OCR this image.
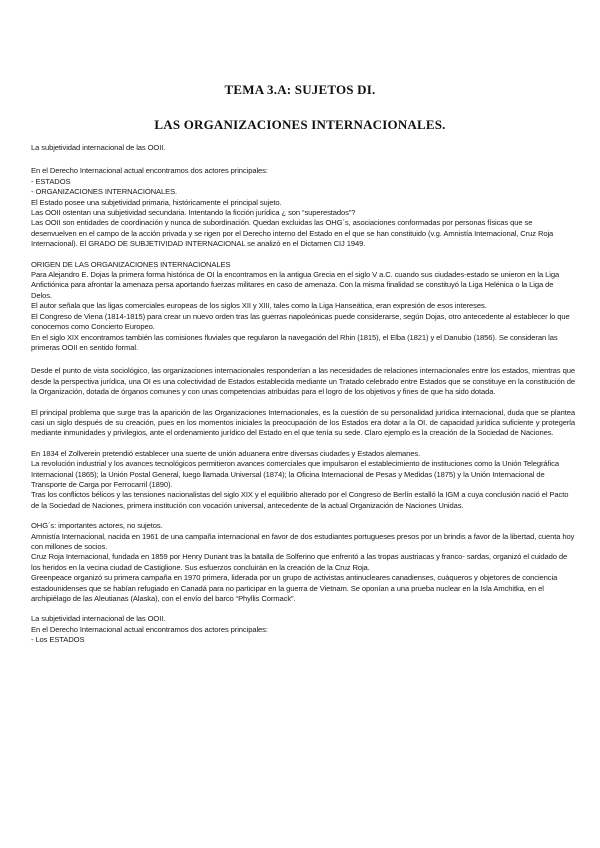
TEMA 3.A: SUJETOS DI.
LAS ORGANIZACIONES INTERNACIONALES.

La subjetividad internacional de las OOII.

En el Derecho Internacional actual encontramos dos actores principales:

- ESTADOS

- ORGANIZACIONES INTERNACIONALES.

El Estado posee una subjetividad primaria, históricamente el principal sujeto.

Las OOII ostentan una subjetividad secundaria. Intentando la ficción jurídica ¿ son “superestados”?

Las OOII son entidades de coordinación y nunca de subordinación. Quedan excluidas las OHG´s, asociaciones conformadas por personas físicas que se desenvuelven en el campo de la acción privada y se rigen por el Derecho interno del Estado en el que se han constituido (v.g. Amnistía Internacional, Cruz Roja Internacional). El GRADO DE SUBJETIVIDAD INTERNACIONAL se analizó en el Dictamen CIJ 1949.

ORIGEN DE LAS ORGANIZACIONES INTERNACIONALES

Para Alejandro E. Dojas la primera forma histórica de OI la encontramos en la antigua Grecia en el siglo V a.C. cuando sus ciudades-estado se unieron en la Liga Anfictiónica para afrontar la amenaza persa aportando fuerzas militares en caso de amenaza. Con la misma finalidad se constituyó la Liga Helénica o la Liga de Delos.

El autor señala que las ligas comerciales europeas de los siglos XII y XIII, tales como la Liga Hanseática, eran expresión de esos intereses.

El Congreso de Viena (1814-1815) para crear un nuevo orden tras las guerras napoleónicas puede considerarse, según Dojas, otro antecedente al establecer lo que conocemos como Concierto Europeo.

En el siglo XIX encontramos también las comisiones fluviales que regularon la navegación del Rhin (1815), el Elba (1821) y el Danubio (1856). Se consideran las primeras OOII en sentido formal.

Desde el punto de vista sociológico, las organizaciones internacionales responderían a las necesidades de relaciones internacionales entre los estados, mientras que desde la perspectiva jurídica, una OI es una colectividad de Estados establecida mediante un Tratado celebrado entre Estados que se constituye en la constitución de la Organización, dotada de órganos comunes y con unas competencias atribuidas para el logro de los objetivos y fines de que ha sido dotada.

El principal problema que surge tras la aparición de las Organizaciones Internacionales, es la cuestión de su personalidad jurídica internacional, duda que se plantea casi un siglo después de su creación, pues en los momentos iniciales la preocupación de los Estados era dotar a la OI. de capacidad jurídica suficiente y protegerla mediante inmunidades y privilegios, ante el ordenamiento jurídico del Estado en el que tenía su sede. Claro ejemplo es la creación de la Sociedad de Naciones.

En 1834 el Zollverein pretendió establecer una suerte de unión aduanera entre diversas ciudades y Estados alemanes.

La revolución industrial y los avances tecnológicos permitieron avances comerciales que impulsaron el establecimiento de instituciones como la Unión Telegráfica Internacional (1865); la Unión Postal General, luego llamada Universal (1874); la Oficina Internacional de Pesas y Medidas (1875) y la Unión Internacional de Transporte de Carga por Ferrocarril (1890).

Tras los conflictos bélicos y las tensiones nacionalistas del siglo XIX y el equilibrio alterado por el Congreso de Berlín estalló la IGM a cuya conclusión nació el Pacto de la Sociedad de Naciones, primera institución con vocación universal, antecedente de la actual Organización de Naciones Unidas.

OHG´s: importantes actores, no sujetos.

Amnistía Internacional, nacida en 1961 de una campaña internacional en favor de dos estudiantes portugueses presos por un brindis a favor de la libertad, cuenta hoy con millones de socios.

Cruz Roja Internacional, fundada en 1859 por Henry Dunant tras la batalla de Solferino que enfrentó a las tropas austriacas y franco- sardas, organizó el cuidado de los heridos en la vecina ciudad de Castiglione. Sus esfuerzos concluirán en la creación de la Cruz Roja.

Greenpeace organizó su primera campaña en 1970 primera, liderada por un grupo de activistas antinucleares canadienses, cuáqueros y objetores de conciencia estadounidenses que se habían refugiado en Canadá para no participar en la guerra de Vietnam. Se oponían a una prueba nuclear en la Isla Amchitka, en el archipiélago de las Aleutianas (Alaska), con el envío del barco “Phyllis Cormack”.

La subjetividad internacional de las OOII.

En el Derecho Internacional actual encontramos dos actores principales:

- Los ESTADOS
